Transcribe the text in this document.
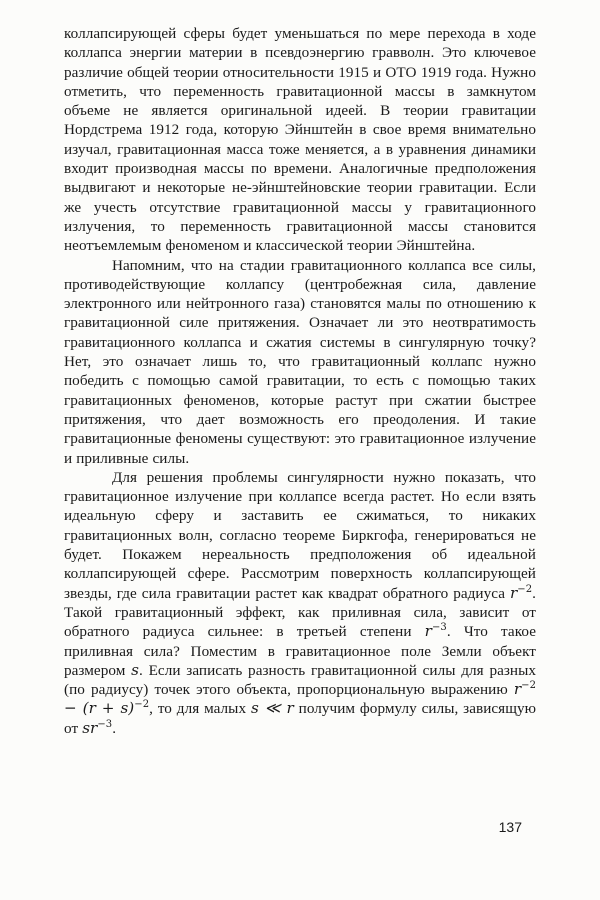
коллапсирующей сферы будет уменьшаться по мере перехода в ходе коллапса энергии материи в псевдоэнергию гравволн. Это ключевое различие общей теории относительности 1915 и ОТО 1919 года. Нужно отметить, что переменность гравитационной массы в замкнутом объеме не является оригинальной идеей. В теории гравитации Нордстрема 1912 года, которую Эйнштейн в свое время внимательно изучал, гравитационная масса тоже меняется, а в уравнения динамики входит производная массы по времени. Аналогичные предположения выдвигают и некоторые не-эйнштейновские теории гравитации. Если же учесть отсутствие гравитационной массы у гравитационного излучения, то переменность гравитационной массы становится неотъемлемым феноменом и классической теории Эйнштейна.

Напомним, что на стадии гравитационного коллапса все силы, противодействующие коллапсу (центробежная сила, давление электронного или нейтронного газа) становятся малы по отношению к гравитационной силе притяжения. Означает ли это неотвратимость гравитационного коллапса и сжатия системы в сингулярную точку? Нет, это означает лишь то, что гравитационный коллапс нужно победить с помощью самой гравитации, то есть с помощью таких гравитационных феноменов, которые растут при сжатии быстрее притяжения, что дает возможность его преодоления. И такие гравитационные феномены существуют: это гравитационное излучение и приливные силы.

Для решения проблемы сингулярности нужно показать, что гравитационное излучение при коллапсе всегда растет. Но если взять идеальную сферу и заставить ее сжиматься, то никаких гравитационных волн, согласно теореме Биркгофа, генерироваться не будет. Покажем нереальность предположения об идеальной коллапсирующей сфере. Рассмотрим поверхность коллапсирующей звезды, где сила гравитации растет как квадрат обратного радиуса $r^{-2}$. Такой гравитационный эффект, как приливная сила, зависит от обратного радиуса сильнее: в третьей степени $r^{-3}$. Что такое приливная сила? Поместим в гравитационное поле Земли объект размером s. Если записать разность гравитационной силы для разных (по радиусу) точек этого объекта, пропорциональную выражению $r^{-2} - (r + s)^{-2}$, то для малых s ≪ r получим формулу силы, зависящую от $sr^{-3}$.

137
